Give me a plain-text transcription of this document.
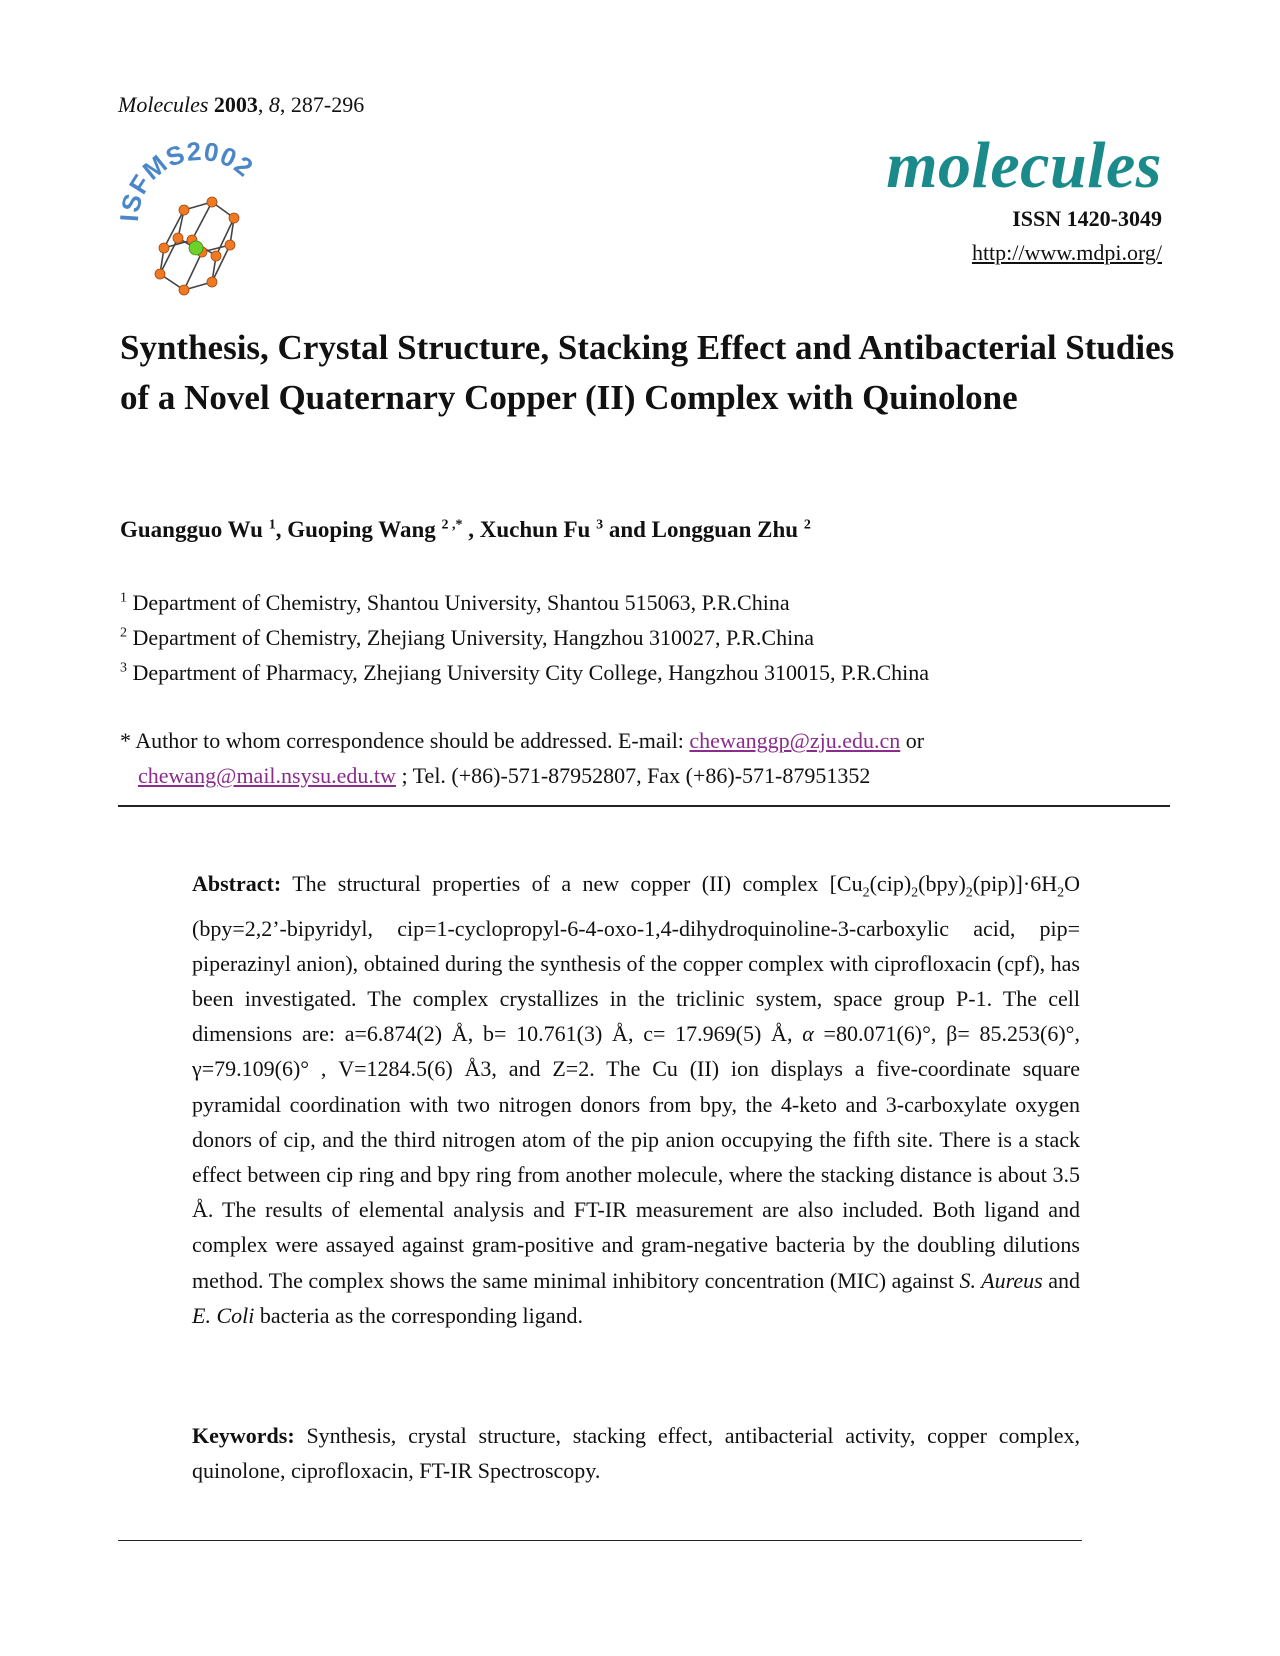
Molecules 2003, 8, 287-296
ISFMS2002	molecules
ISSN 1420-3049
http://www.mdpi.org/
Synthesis, Crystal Structure, Stacking Effect and Antibacterial Studies of a Novel Quaternary Copper (II) Complex with Quinolone
Guangguo Wu $^1$, Guoping Wang $^{2 ,*}$ , Xuchun Fu $^3$ and Longguan Zhu $^2$
$^1$ Department of Chemistry, Shantou University, Shantou 515063, P.R.China
$^2$ Department of Chemistry, Zhejiang University, Hangzhou 310027, P.R.China
$^3$ Department of Pharmacy, Zhejiang University City College, Hangzhou 310015, P.R.China
* Author to whom correspondence should be addressed. E-mail: chewanggp@zju.edu.cn or
chewang@mail.nsysu.edu.tw ; Tel. (+86)-571-87952807, Fax (+86)-571-87951352
Abstract: The structural properties of a new copper (II) complex $[Cu_2(cip)_2(bpy)_2(pip)]\cdot 6H_2O$ (bpy=2,2’-bipyridyl, cip=1-cyclopropyl-6-4-oxo-1,4-dihydroquinoline-3-carboxylic acid, pip= piperazinyl anion), obtained during the synthesis of the copper complex with ciprofloxacin (cpf), has been investigated. The complex crystallizes in the triclinic system, space group P-1. The cell dimensions are: a=6.874(2) Å, b= 10.761(3) Å, c= 17.969(5) Å, α =80.071(6)°, β= 85.253(6)°, γ=79.109(6)° , V=1284.5(6) Å3, and Z=2. The Cu (II) ion displays a five-coordinate square pyramidal coordination with two nitrogen donors from bpy, the 4-keto and 3-carboxylate oxygen donors of cip, and the third nitrogen atom of the pip anion occupying the fifth site. There is a stack effect between cip ring and bpy ring from another molecule, where the stacking distance is about 3.5 Å. The results of elemental analysis and FT-IR measurement are also included. Both ligand and complex were assayed against gram-positive and gram-negative bacteria by the doubling dilutions method. The complex shows the same minimal inhibitory concentration (MIC) against S. Aureus and E. Coli bacteria as the corresponding ligand.
Keywords: Synthesis, crystal structure, stacking effect, antibacterial activity, copper complex, quinolone, ciprofloxacin, FT-IR Spectroscopy.
